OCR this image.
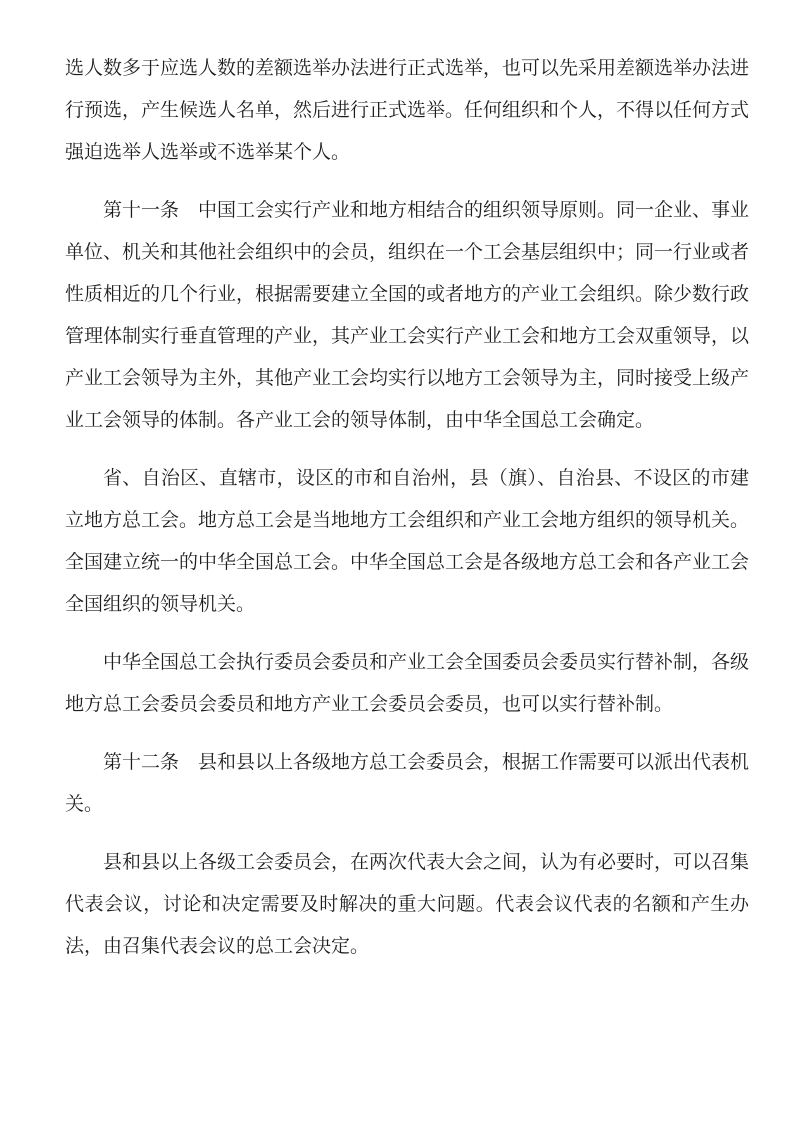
选人数多于应选人数的差额选举办法进行正式选举，也可以先采用差额选举办法进行预选，产生候选人名单，然后进行正式选举。任何组织和个人，不得以任何方式强迫选举人选举或不选举某个人。

第十一条　中国工会实行产业和地方相结合的组织领导原则。同一企业、事业单位、机关和其他社会组织中的会员，组织在一个工会基层组织中；同一行业或者性质相近的几个行业，根据需要建立全国的或者地方的产业工会组织。除少数行政管理体制实行垂直管理的产业，其产业工会实行产业工会和地方工会双重领导，以产业工会领导为主外，其他产业工会均实行以地方工会领导为主，同时接受上级产业工会领导的体制。各产业工会的领导体制，由中华全国总工会确定。

省、自治区、直辖市，设区的市和自治州，县（旗）、自治县、不设区的市建立地方总工会。地方总工会是当地地方工会组织和产业工会地方组织的领导机关。全国建立统一的中华全国总工会。中华全国总工会是各级地方总工会和各产业工会全国组织的领导机关。

中华全国总工会执行委员会委员和产业工会全国委员会委员实行替补制，各级地方总工会委员会委员和地方产业工会委员会委员，也可以实行替补制。

第十二条　县和县以上各级地方总工会委员会，根据工作需要可以派出代表机关。

县和县以上各级工会委员会，在两次代表大会之间，认为有必要时，可以召集代表会议，讨论和决定需要及时解决的重大问题。代表会议代表的名额和产生办法，由召集代表会议的总工会决定。
